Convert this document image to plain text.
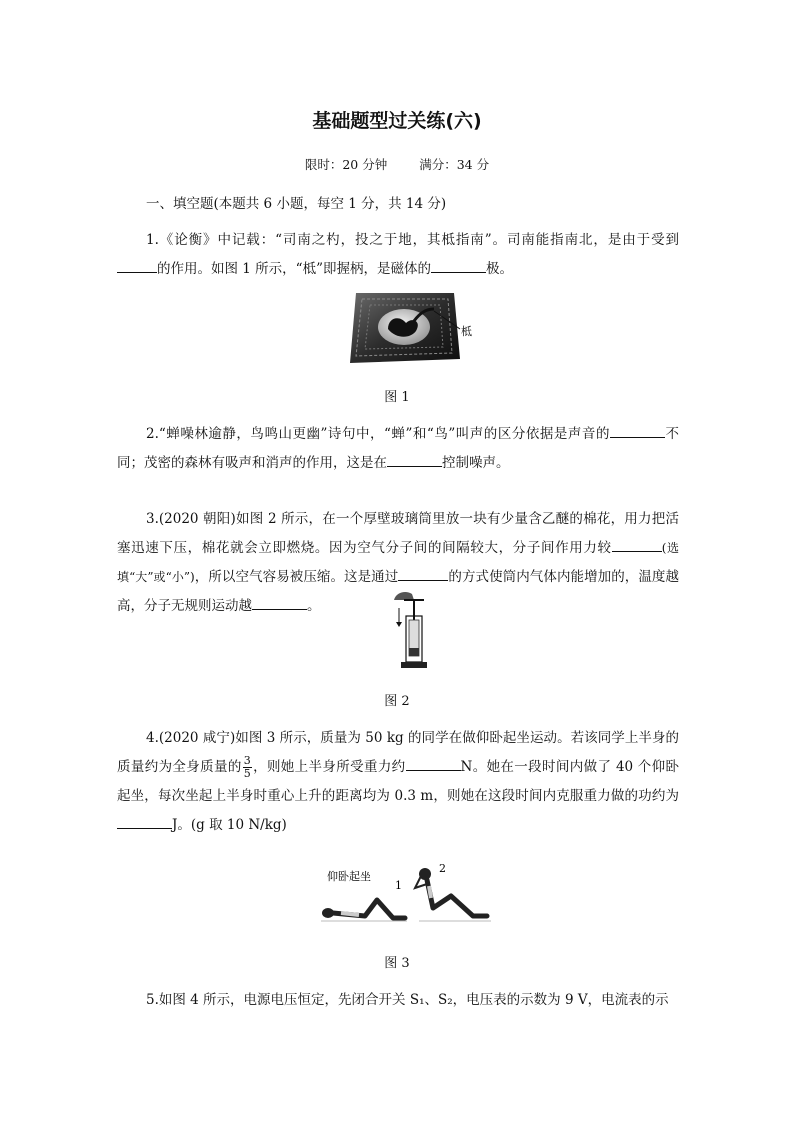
基础题型过关练(六)
限时：20 分钟	满分：34 分
一、填空题(本题共 6 小题，每空 1 分，共 14 分)
1.《论衡》中记载：“司南之杓，投之于地，其柢指南”。司南能指南北，是由于受到的作用。如图 1 所示，“柢”即握柄，是磁体的	极。
柢
图 1
2.“蝉噪林逾静，鸟鸣山更幽”诗句中，“蝉”和“鸟”叫声的区分依据是声音的	不同；茂密的森林有吸声和消声的作用，这是在	控制噪声。
3.(2020 朝阳)如图 2 所示，在一个厚壁玻璃筒里放一块有少量含乙醚的棉花，用力把活塞迅速下压，棉花就会立即燃烧。因为空气分子间的间隔较大，分子间作用力较	(选填“大”或“小”)，所以空气容易被压缩。这是通过	的方式使筒内气体内能增加的，温度越高，分子无规则运动越	。
图 2
4.(2020 咸宁)如图 3 所示，质量为 50 kg 的同学在做仰卧起坐运动。若该同学上半身的质量约为全身质量的 $\frac{3}{5}$ ，则她上半身所受重力约	N。她在一段时间内做了 40 个仰卧起坐，每次坐起上半身时重心上升的距离均为 0.3 m，则她在这段时间内克服重力做的功约为J。(g 取 10 N/kg)
仰卧起坐
1
2
图 3
5.如图 4 所示，电源电压恒定，先闭合开关 S₁、S₂，电压表的示数为 9 V，电流表的示
